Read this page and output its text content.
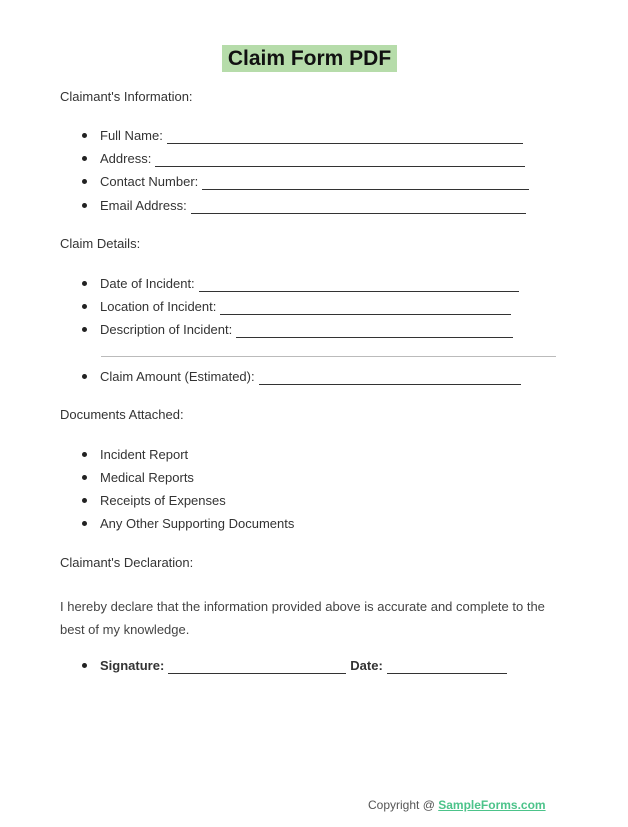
Claim Form PDF
Claimant's Information:
Full Name:
Address:
Contact Number:
Email Address:
Claim Details:
Date of Incident:
Location of Incident:
Description of Incident:
Claim Amount (Estimated):
Documents Attached:
Incident Report
Medical Reports
Receipts of Expenses
Any Other Supporting Documents
Claimant's Declaration:
I hereby declare that the information provided above is accurate and complete to the best of my knowledge.
Signature:	Date:
Copyright @ SampleForms.com
